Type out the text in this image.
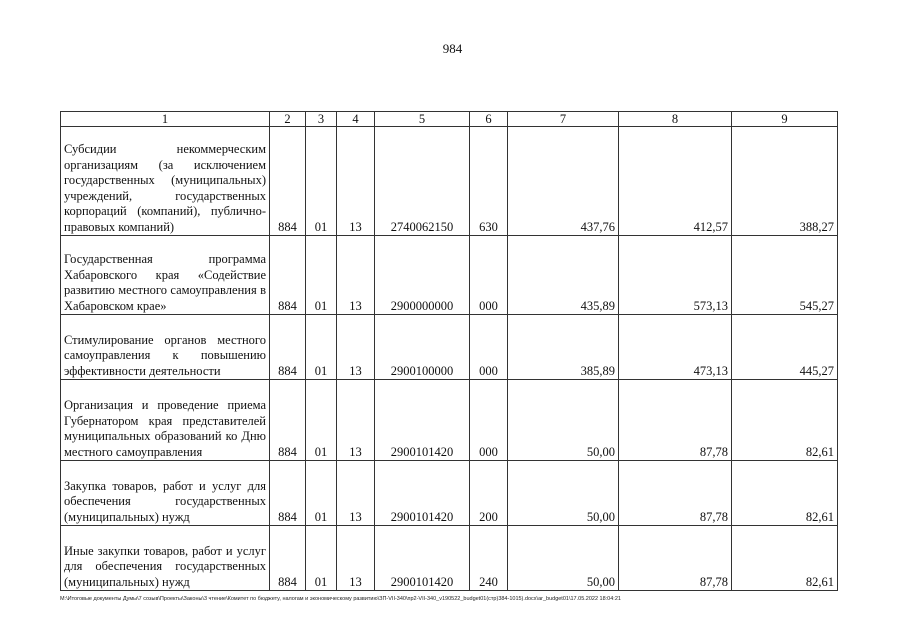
984
1	2	3	4	5	6	7	8	9
Субсидии некоммерческим организациям (за исключением государственных (муниципальных) учреждений, государственных корпораций (компаний), публично-правовых компаний)	884	01	13	2740062150	630	437,76	412,57	388,27
Государственная программа Хабаровского края «Содействие развитию местного самоуправления в Хабаровском крае»	884	01	13	2900000000	000	435,89	573,13	545,27
Стимулирование органов местного самоуправления к повышению эффективности деятельности	884	01	13	2900100000	000	385,89	473,13	445,27
Организация и проведение приема Губернатором края представителей муниципальных образований ко Дню местного самоуправления	884	01	13	2900101420	000	50,00	87,78	82,61
Закупка товаров, работ и услуг для обеспечения государственных (муниципальных) нужд	884	01	13	2900101420	200	50,00	87,78	82,61
Иные закупки товаров, работ и услуг для обеспечения государственных (муниципальных) нужд	884	01	13	2900101420	240	50,00	87,78	82,61
M:\Итоговые документы Думы\7 созыв\Проекты\Законы\3 чтение\Комитет по бюджету, налогам и экономическому развитию\ЗП-VII-340\пр2-VII-340_v190522_budget01(стр)384-1015).docx\ar_budget01\17.05.2022 18:04:21
